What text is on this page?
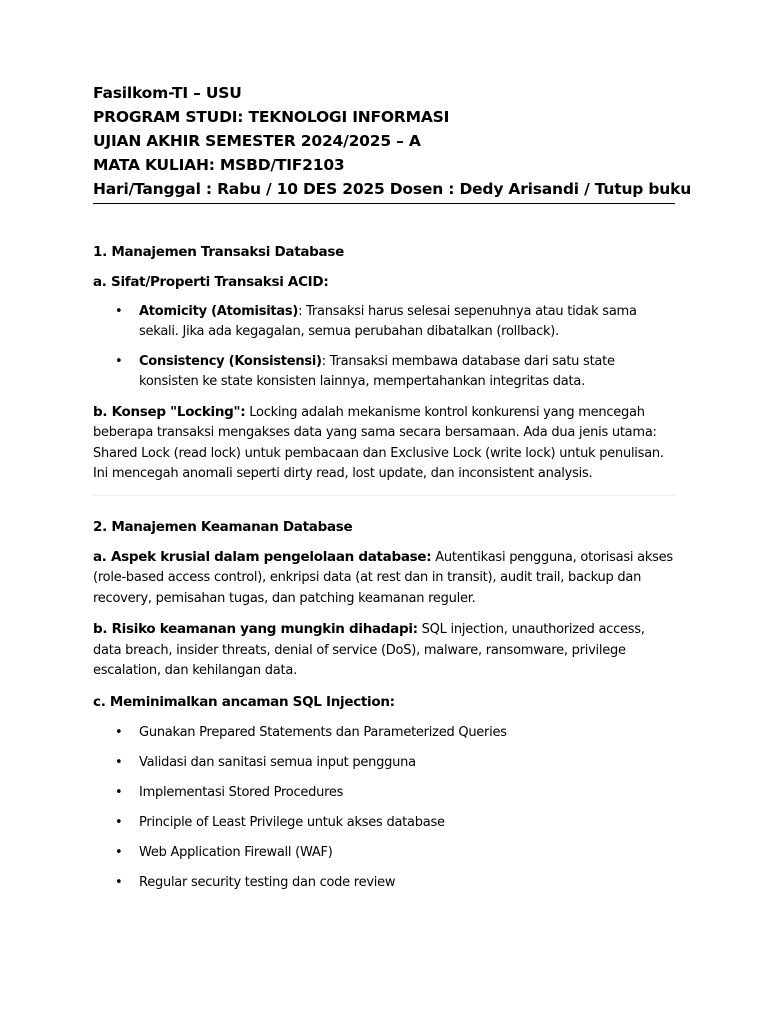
Fasilkom-TI – USU
PROGRAM STUDI: TEKNOLOGI INFORMASI
UJIAN AKHIR SEMESTER 2024/2025 – A
MATA KULIAH: MSBD/TIF2103
Hari/Tanggal : Rabu / 10 DES 2025 Dosen : Dedy Arisandi / Tutup buku

1. Manajemen Transaksi Database

a. Sifat/Properti Transaksi ACID:

• Atomicity (Atomisitas): Transaksi harus selesai sepenuhnya atau tidak sama sekali. Jika ada kegagalan, semua perubahan dibatalkan (rollback).
• Consistency (Konsistensi): Transaksi membawa database dari satu state konsisten ke state konsisten lainnya, mempertahankan integritas data.

b. Konsep "Locking": Locking adalah mekanisme kontrol konkurensi yang mencegah beberapa transaksi mengakses data yang sama secara bersamaan. Ada dua jenis utama: Shared Lock (read lock) untuk pembacaan dan Exclusive Lock (write lock) untuk penulisan. Ini mencegah anomali seperti dirty read, lost update, dan inconsistent analysis.

2. Manajemen Keamanan Database

a. Aspek krusial dalam pengelolaan database: Autentikasi pengguna, otorisasi akses (role-based access control), enkripsi data (at rest dan in transit), audit trail, backup dan recovery, pemisahan tugas, dan patching keamanan reguler.

b. Risiko keamanan yang mungkin dihadapi: SQL injection, unauthorized access, data breach, insider threats, denial of service (DoS), malware, ransomware, privilege escalation, dan kehilangan data.

c. Meminimalkan ancaman SQL Injection:

• Gunakan Prepared Statements dan Parameterized Queries
• Validasi dan sanitasi semua input pengguna
• Implementasi Stored Procedures
• Principle of Least Privilege untuk akses database
• Web Application Firewall (WAF)
• Regular security testing dan code review
